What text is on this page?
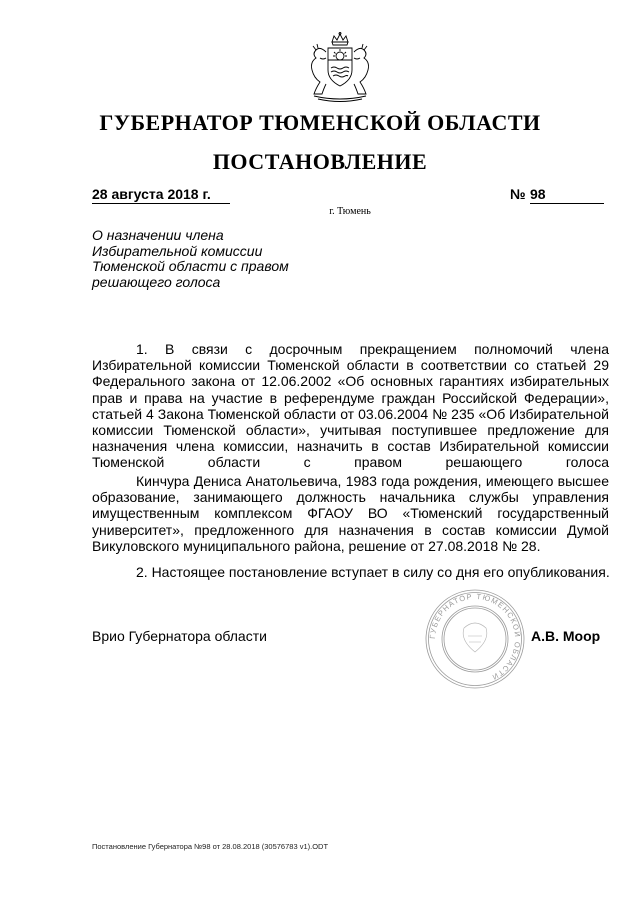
ГУБЕРНАТОР ТЮМЕНСКОЙ ОБЛАСТИ
ПОСТАНОВЛЕНИЕ
28 августа 2018 г.	№ 98
г. Тюмень
О назначении члена Избирательной комиссии Тюменской области с правом решающего голоса
1. В связи с досрочным прекращением полномочий члена Избирательной комиссии Тюменской области в соответствии со статьей 29 Федерального закона от 12.06.2002 «Об основных гарантиях избирательных прав и права на участие в референдуме граждан Российской Федерации», статьей 4 Закона Тюменской области от 03.06.2004 № 235 «Об Избирательной комиссии Тюменской области», учитывая поступившее предложение для назначения члена комиссии, назначить в состав Избирательной комиссии Тюменской области с правом решающего голоса
Кинчура Дениса Анатольевича, 1983 года рождения, имеющего высшее образование, занимающего должность начальника службы управления имущественным комплексом ФГАОУ ВО «Тюменский государственный университет», предложенного для назначения в состав комиссии Думой Викуловского муниципального района, решение от 27.08.2018 № 28.
2. Настоящее постановление вступает в силу со дня его опубликования.
ГУБЕРНАТОР ТЮМЕНСКОЙ ОБЛАСТИ
Врио Губернатора области	А.В. Моор
Постановление Губернатора №98 от 28.08.2018 (30576783 v1).ODT
